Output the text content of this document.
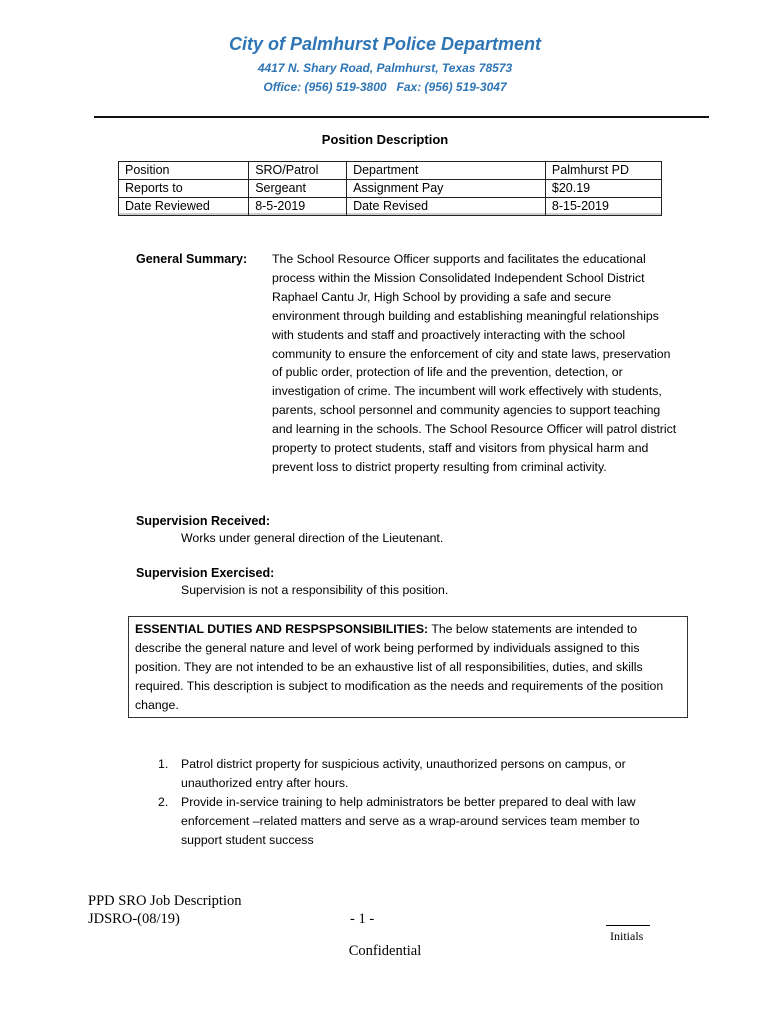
City of Palmhurst Police Department
4417 N. Shary Road, Palmhurst, Texas 78573
Office: (956) 519-3800 Fax: (956) 519-3047
Position Description
Position	SRO/Patrol	Department	Palmhurst PD
Reports to	Sergeant	Assignment Pay	$20.19
Date Reviewed	8-5-2019	Date Revised	8-15-2019
General Summary: The School Resource Officer supports and facilitates the educational process within the Mission Consolidated Independent School District Raphael Cantu Jr, High School by providing a safe and secure environment through building and establishing meaningful relationships with students and staff and proactively interacting with the school community to ensure the enforcement of city and state laws, preservation of public order, protection of life and the prevention, detection, or investigation of crime. The incumbent will work effectively with students, parents, school personnel and community agencies to support teaching and learning in the schools. The School Resource Officer will patrol district property to protect students, staff and visitors from physical harm and prevent loss to district property resulting from criminal activity.
Supervision Received:
Works under general direction of the Lieutenant.
Supervision Exercised:
Supervision is not a responsibility of this position.
ESSENTIAL DUTIES AND RESPSPSONSIBILITIES: The below statements are intended to describe the general nature and level of work being performed by individuals assigned to this position. They are not intended to be an exhaustive list of all responsibilities, duties, and skills required. This description is subject to modification as the needs and requirements of the position change.
1.	Patrol district property for suspicious activity, unauthorized persons on campus, or unauthorized entry after hours.
2.	Provide in-service training to help administrators be better prepared to deal with law enforcement –related matters and serve as a wrap-around services team member to support student success
PPD SRO Job Description
JDSRO-(08/19)	- 1 -
Initials
Confidential
